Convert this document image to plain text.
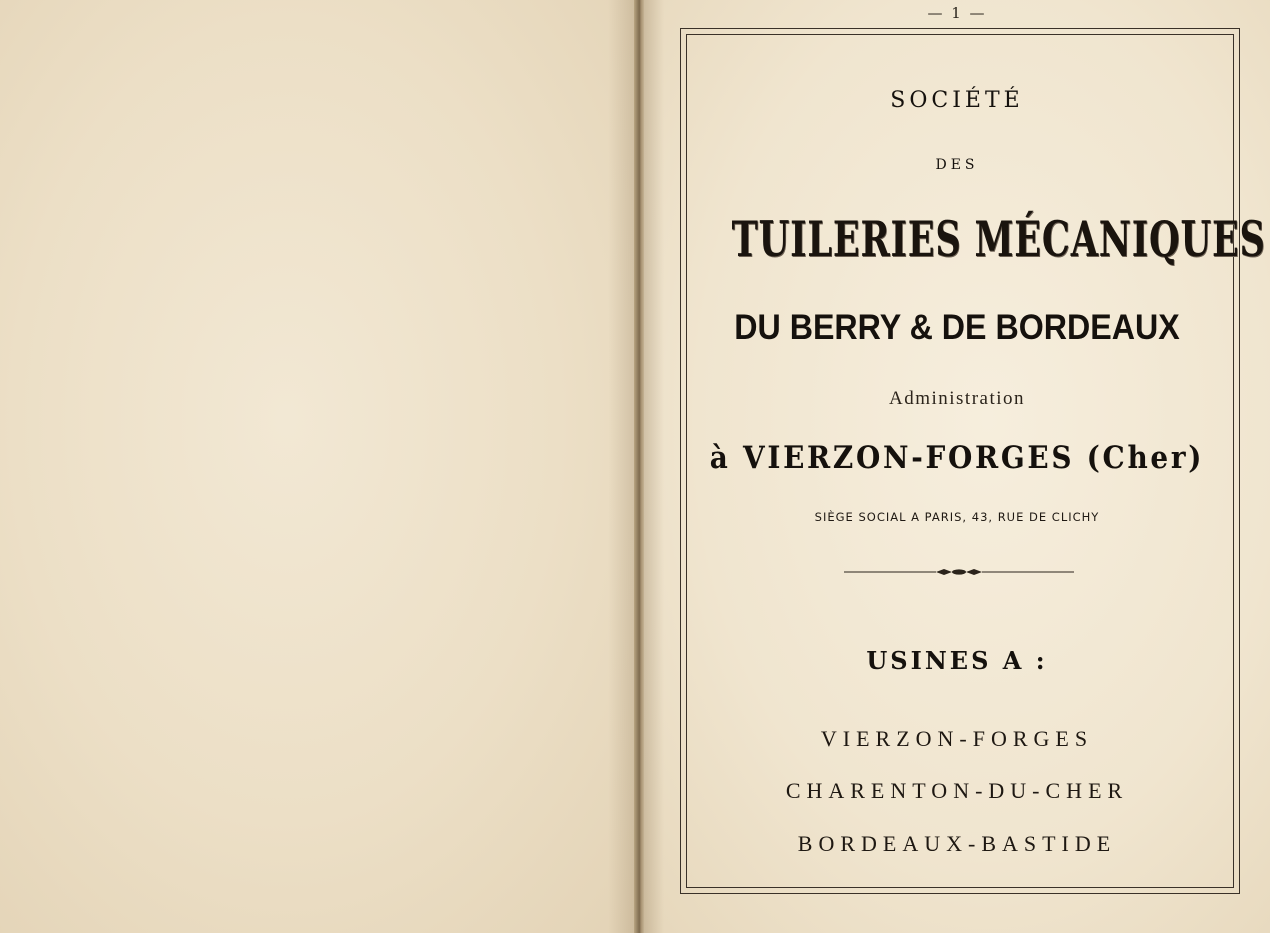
— 1 —
SOCIÉTÉ
DES
TUILERIES MÉCANIQUES
DU BERRY & DE BORDEAUX
Administration
à VIERZON-FORGES (Cher)
SIÈGE SOCIAL A PARIS, 43, RUE DE CLICHY
USINES A :
VIERZON-FORGES
CHARENTON-DU-CHER
BORDEAUX-BASTIDE
